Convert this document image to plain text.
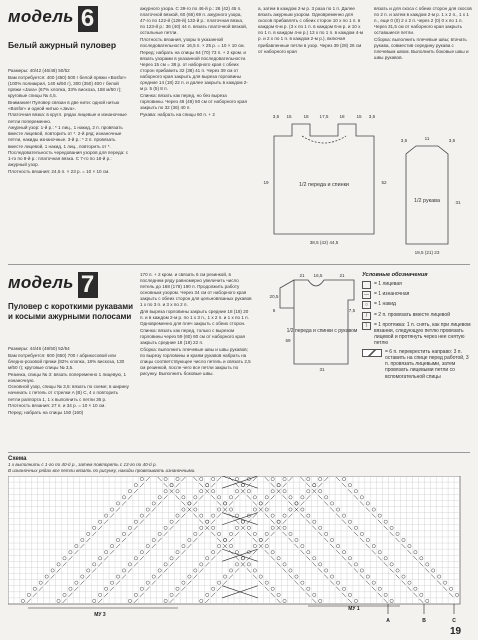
модель 6
Белый ажурный пуловер

Размеры: 40/42 (46/48) 50/52

Вам потребуется: 400 (450) 500 г белой пряжи «Bosfor» (100% полиакрил, 140 м/50 г), 300 (350) 400 г белой пряжи «Java» (67% хлопка, 33% вискоза, 158 м/50 г); круговые спицы № 4,5.

Внимание! Пуловер связан в две нити: одной нитью «Bosfor» и одной нитью «Java».

Платочная вязка: в кругл. рядах лицевые и изнаночные петли попеременно.

Ажурный узор: 1-й р.: * 1 лиц., 1 накид, 2 п. провязать вместе лицевой, повторить от *. 2-й ряд: изнаночные петли, накиды изнаночные. 3-й р.: * 2 п. провязать вместе лицевой, 1 накид, 1 лиц., повторить от *.

Последовательность чередования узоров для переда: с 1-го по 8-й р.: платочная вязка. С 7-го по 18-й р.: ажурный узор.

Плотность вязания: 24,5 п. × 23 р. = 10 × 10 см.

ажурного узора. С 39-го по 46-й р.: 26 (42) 45 п. платочной вязкой, 60 (66) 69 п. ажурного узора, 47-го по 122-й (128-й) 132-й р.: платочная вязка, по 123-й р.: 36 (40) 44 п. вязать платочной вязкой, остальные петли.

Плотность вязания, узоры в указанной последовательности: 16,5 п. × 25 р. = 10 × 10 см.

Перед: набрать на спицы 64 (70) 73 п. + 2 кром. и вязать узорами в указанной последовательности. Через 15 см = 38 р. от наборного края с обеих сторон прибавить 32 (38) 41 п. Через 39 см от наборного края закрыть для выреза горловины средние 14 (18) 22 п. и далее закрыть в каждом 2-м р. 5 (5) 8 п.

Спинка: вязать как перед, но без выреза горловины. Через 46 (48) 50 см от наборного края закрыть по 32 (36) 40 п.

Рукава: набрать на спицы 60 п. + 2

а, затем в каждом 2-м р. 3 раза по 1 п. Далее вязать ажурным узором. Одновременно для скосов прибавлять с обеих сторон 10 х по 1 п. в каждом 6-м р. (3 х по 1 п. в каждом 6-м р. и 10 х по 1 п. в каждом 4-м р.) 13 х по 1 п. в каждом 4-м р. и 2 х по 1 п. в каждом 2-м р.), включая прибавленные петли в узор. Через 39 (28) 26 см от наборного края

вязать и для скоса с обеих сторон для скосов по 2 п. и затем в каждом 2-м р. 1 х 2 п., 1 х 1 п., еще 0 (0) 2 х 2 п. через 2 (0) 0 х по 1 п. Через 31,5 см от наборного края закрыть оставшиеся петли.

Сборка: выполнить плечевые швы; втачать рукава, совместив середину рукава с плечевым швом. Выполнить боковые швы и швы рукавов.

3,5 15	18 17,5 18	15 3,5
1/2 переда и спинки
38,5 (42) 44,5
19,5 (21) 23
1/2 рукава
19	52
3,5	3,5
11
31
модель 7
Пуловер с короткими рукавами и косыми ажурными полосами

Размеры: 44/46 (48/50) 52/54

Вам потребуется: 600 (650) 700 г абрикосовой или бледно-розовой пряжи (82% хлопка, 18% вискоза, 130 м/50 г); круговые спицы № 3,5.

Резинка, спицы № 3: вязать попеременно 1 лицевую, 1 изнаночную.

Основной узор, спицы № 3,5: вязать по схеме; в ширину начинать с петель от стрелки A (B) C, 4 х повторить петли раппорта 1, 1 х выполнить с петли 36 р.

Плотность вязания: 27 п. и 34 р. = 10 × 10 см.

Перед: набрать на спицы 150 (160)

170 п. + 2 кром. и связать 6 см резинкой, в последнем ряду равномерно увеличить число петель до 168 (178) 190 п. Продолжить работу основным узором. Через 34 см от наборного края закрыть с обеих сторон для цельновязаных рукавов 1 х по 3 п. и 3 х по 2 п.

Для выреза горловины закрыть средние 18 (18) 20 п. и в каждом 2-м р. по 1 х 3 п., 1 х 2 п. и 1 х по 1 п. Одновременно для плеч закрыть с обеих сторон.

Спинка: вязать как перед, только с вырезом горловины через 59 (60) 60 см от наборного края закрыть средние 18 (18) 22 п.

Сборка: выполнить плечевые швы и швы рукавов; по вырезу горловины и краям рукавов набрать на спицы соответствующее число петель и связать 2,5 см резинкой, после чего все петли закрыть по рисунку. Выполнить боковые швы.

21 16,5	21
1/2 переда и спинки с рукавом
20,5
6
31
7,5
59
Условные обозначения
= 1 лицевая
—	= 1 изнаночная
○	= 1 накид
/	= 2 п. провязать вместе лицевой
\	= 1 протяжка: 1 п. снять, как при лицевом вязании, следующую петлю провязать лицевой и протянуть через нее снятую петлю
= 6 п. перекрестить направо: 3 п. оставить на спице перед работой, 3 п. провязать лицевыми, затем провязать лицевыми петли со вспомогательной спицы
Схема
1 х выполнить с 1-го по 40-й р., затем повторять с 13-го по 40-й р.
В изнаночных рядах все петли вязать по рисунку, накиды провязывать изнаночными.
МУ 3
МУ 1
A	B	C
19
